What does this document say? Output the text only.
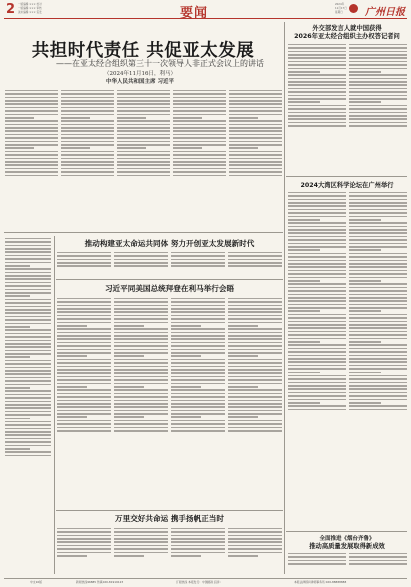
2 一版编辑 ××× 校对
一版编辑 ××× 审核
美术编辑 ××× 签发	要闻
2024年
11月17日
星期日 广州日报
共担时代责任 共促亚太发展
——在亚太经合组织第三十一次领导人非正式会议上的讲话
（2024年11月16日，利马）
中华人民共和国主席 习近平
外交部发言人就中国获得
2026年亚太经合组织主办权答记者问
2024大湾区科学论坛在广州举行
全面推进《烟台齐鲁》
推动高质量发展取得新成效
推动构建亚太命运共同体 努力开创亚太发展新时代
习近平同美国总统拜登在利马举行会晤
万里交好共命运 携手扬帆正当时
中文10版	新闻热线96885 传真020-81919123	订阅热线 本报发行：中国邮政 投诉：	本报法律顾问律师事务所 020-88888888
